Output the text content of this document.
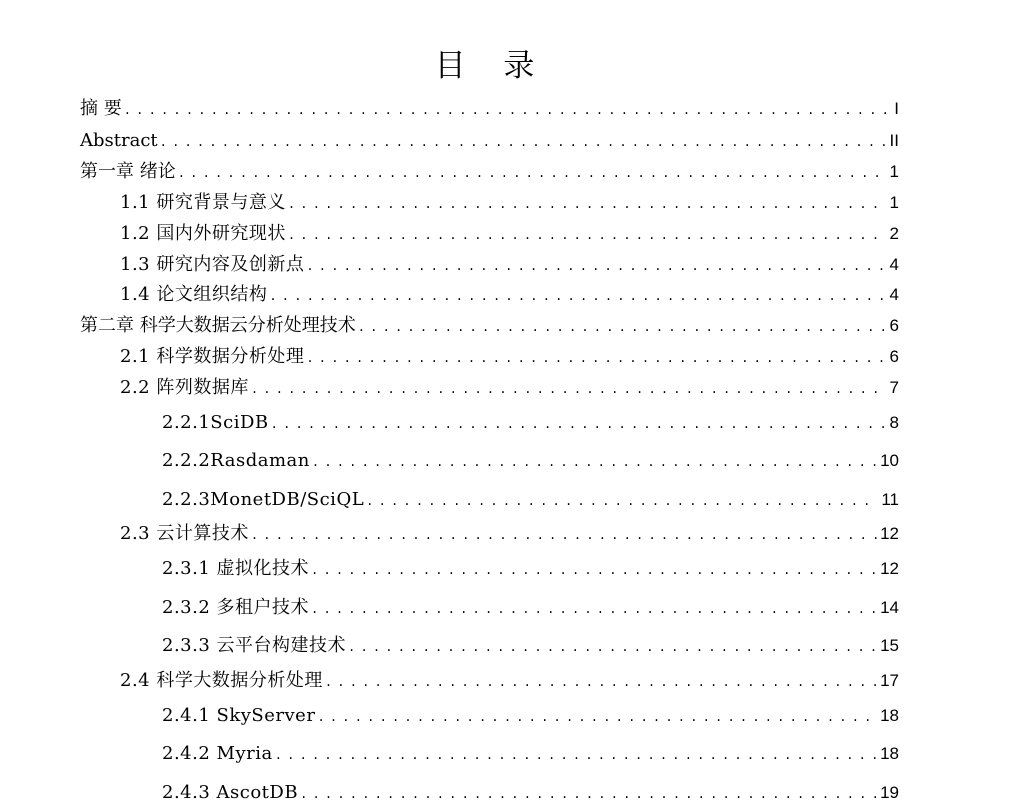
目 录
摘 要 .....	I
Abstract .....	II
第一章 绪论 .....	1
1.1 研究背景与意义 .....	1
1.2 国内外研究现状 .....	2
1.3 研究内容及创新点 .....	4
1.4 论文组织结构 .....	4
第二章 科学大数据云分析处理技术 .....	6
2.1 科学数据分析处理 .....	6
2.2 阵列数据库 .....	7
2.2.1SciDB .....	8
2.2.2Rasdaman .....	10
2.2.3MonetDB/SciQL .....	11
2.3 云计算技术 .....	12
2.3.1 虚拟化技术 .....	12
2.3.2 多租户技术 .....	14
2.3.3 云平台构建技术 .....	15
2.4 科学大数据分析处理 .....	17
2.4.1 SkyServer .....	18
2.4.2 Myria .....	18
2.4.3 AscotDB .....	19
